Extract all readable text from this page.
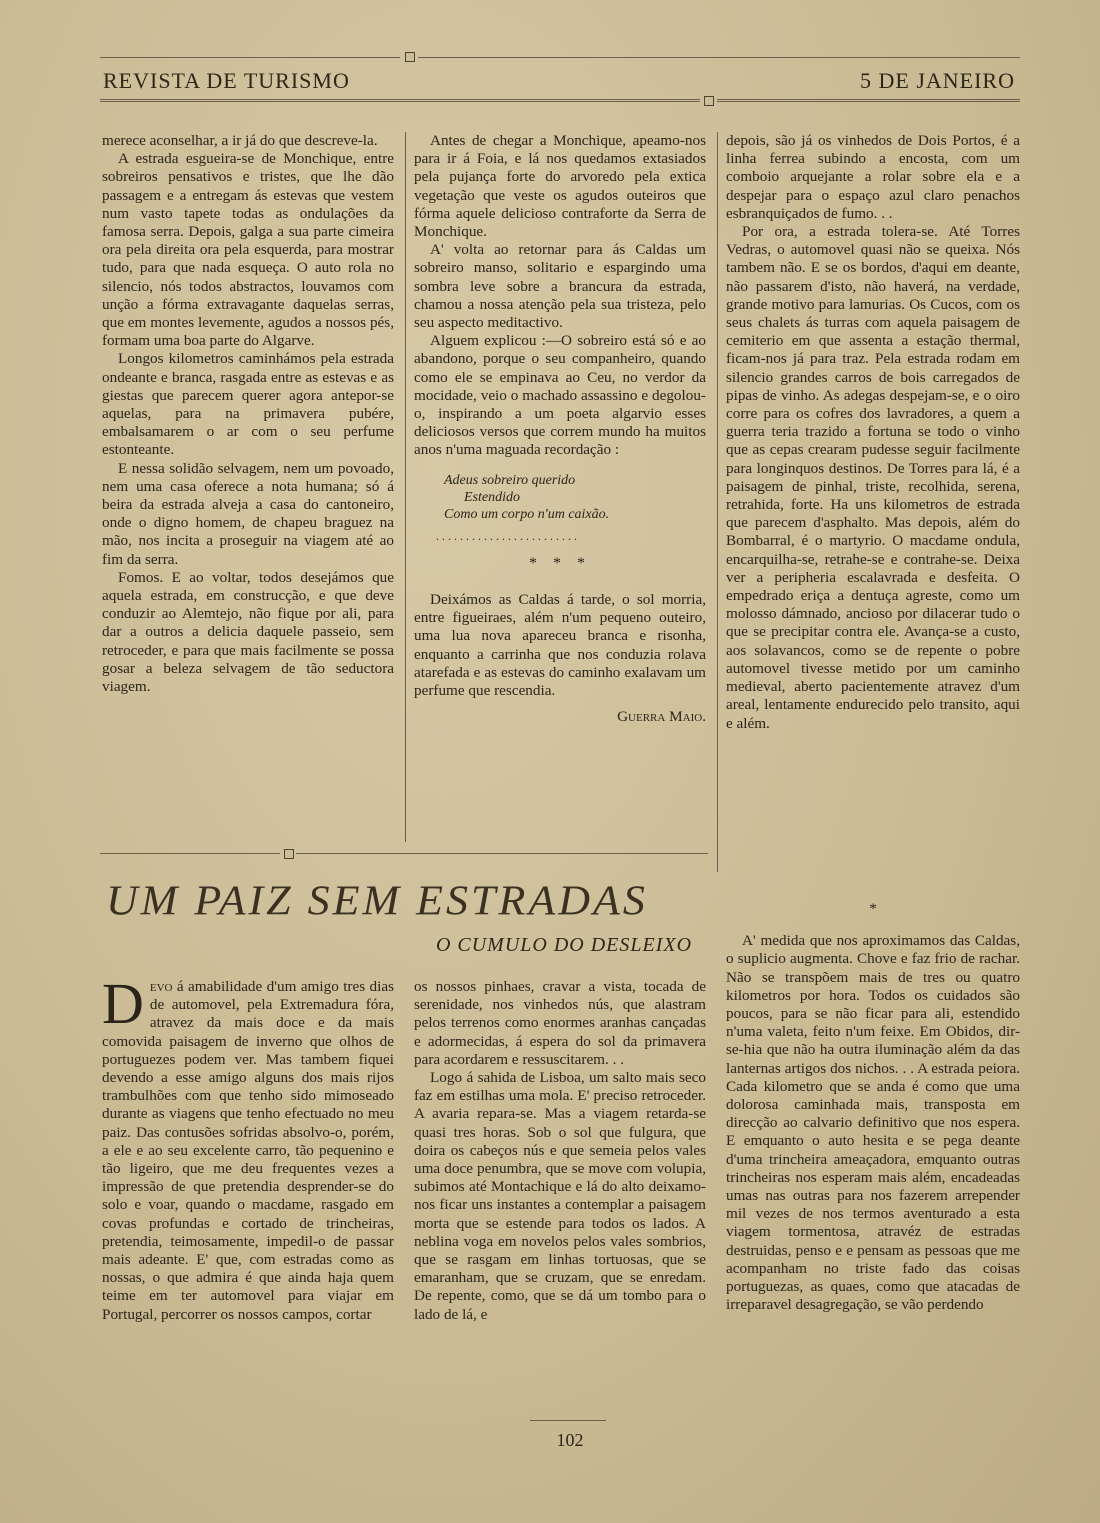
REVISTA DE TURISMO	5 DE JANEIRO

merece aconselhar, a ir já do que descreve-la.

A estrada esgueira-se de Monchique, entre sobreiros pensativos e tristes, que lhe dão passagem e a entregam ás estevas que vestem num vasto tapete todas as ondulações da famosa serra. Depois, galga a sua parte cimeira ora pela direita ora pela esquerda, para mostrar tudo, para que nada esqueça. O auto rola no silencio, nós todos abstractos, louvamos com unção a fórma extravagante daquelas serras, que em montes levemente, agudos a nossos pés, formam uma boa parte do Algarve.

Longos kilometros caminhámos pela estrada ondeante e branca, rasgada entre as estevas e as giestas que parecem querer agora antepor-se aquelas, para na primavera pubére, embalsamarem o ar com o seu perfume estonteante.

E nessa solidão selvagem, nem um povoado, nem uma casa oferece a nota humana; só á beira da estrada alveja a casa do cantoneiro, onde o digno homem, de chapeu braguez na mão, nos incita a proseguir na viagem até ao fim da serra.

Fomos. E ao voltar, todos desejámos que aquela estrada, em construcção, e que deve conduzir ao Alemtejo, não fique por ali, para dar a outros a delicia daquele passeio, sem retroceder, e para que mais facilmente se possa gosar a beleza selvagem de tão seductora viagem.

Antes de chegar a Monchique, apeamo-nos para ir á Foia, e lá nos quedamos extasiados pela pujança forte do arvoredo pela extica vegetação que veste os agudos outeiros que fórma aquele delicioso contraforte da Serra de Monchique.

A' volta ao retornar para ás Caldas um sobreiro manso, solitario e espargindo uma sombra leve sobre a brancura da estrada, chamou a nossa atenção pela sua tristeza, pelo seu aspecto meditactivo.

Alguem explicou :—O sobreiro está só e ao abandono, porque o seu companheiro, quando como ele se empinava ao Ceu, no verdor da mocidade, veio o machado assassino e degolou-o, inspirando a um poeta algarvio esses deliciosos versos que correm mundo ha muitos anos n'uma maguada recordação :

Adeus sobreiro querido
Estendido
Como um corpo n'um caixão.
........................
* * *

Deixámos as Caldas á tarde, o sol morria, entre figueiraes, além n'um pequeno outeiro, uma lua nova apareceu branca e risonha, enquanto a carrinha que nos conduzia rolava atarefada e as estevas do caminho exalavam um perfume que rescendia.

Guerra Maio.

depois, são já os vinhedos de Dois Portos, é a linha ferrea subindo a encosta, com um comboio arquejante a rolar sobre ela e a despejar para o espaço azul claro penachos esbranquiçados de fumo. . .

Por ora, a estrada tolera-se. Até Torres Vedras, o automovel quasi não se queixa. Nós tambem não. E se os bordos, d'aqui em deante, não passarem d'isto, não haverá, na verdade, grande motivo para lamurias. Os Cucos, com os seus chalets ás turras com aquela paisagem de cemiterio em que assenta a estação thermal, ficam-nos já para traz. Pela estrada rodam em silencio grandes carros de bois carregados de pipas de vinho. As adegas despejam-se, e o oiro corre para os cofres dos lavradores, a quem a guerra teria trazido a fortuna se todo o vinho que as cepas crearam pudesse seguir facilmente para longinquos destinos. De Torres para lá, é a paisagem de pinhal, triste, recolhida, serena, retrahida, forte. Ha uns kilometros de estrada que parecem d'asphalto. Mas depois, além do Bombarral, é o martyrio. O macdame ondula, encarquilha-se, retrahe-se e contrahe-se. Deixa ver a peripheria escalavrada e desfeita. O empedrado eriça a dentuça agreste, como um molosso dámnado, ancioso por dilacerar tudo o que se precipitar contra ele. Avança-se a custo, aos solavancos, como se de repente o pobre automovel tivesse metido por um caminho medieval, aberto pacientemente atravez d'um areal, lentamente endurecido pelo transito, aqui e além.

UM PAIZ SEM ESTRADAS
O CUMULO DO DESLEIXO

Devo á amabilidade d'um amigo tres dias de automovel, pela Extremadura fóra, atravez da mais doce e da mais comovida paisagem de inverno que olhos de portuguezes podem ver. Mas tambem fiquei devendo a esse amigo alguns dos mais rijos trambulhões com que tenho sido mimoseado durante as viagens que tenho efectuado no meu paiz. Das contusões sofridas absolvo-o, porém, a ele e ao seu excelente carro, tão pequenino e tão ligeiro, que me deu frequentes vezes a impressão de que pretendia desprender-se do solo e voar, quando o macdame, rasgado em covas profundas e cortado de trincheiras, pretendia, teimosamente, impedil-o de passar mais adeante. E' que, com estradas como as nossas, o que admira é que ainda haja quem teime em ter automovel para viajar em Portugal, percorrer os nossos campos, cortar

os nossos pinhaes, cravar a vista, tocada de serenidade, nos vinhedos nús, que alastram pelos terrenos como enormes aranhas cançadas e adormecidas, á espera do sol da primavera para acordarem e ressuscitarem. . .

Logo á sahida de Lisboa, um salto mais seco faz em estilhas uma mola. E' preciso retroceder. A avaria repara-se. Mas a viagem retarda-se quasi tres horas. Sob o sol que fulgura, que doira os cabeços nús e que semeia pelos vales uma doce penumbra, que se move com volupia, subimos até Montachique e lá do alto deixamo-nos ficar uns instantes a contemplar a paisagem morta que se estende para todos os lados. A neblina voga em novelos pelos vales sombrios, que se rasgam em linhas tortuosas, que se emaranham, que se cruzam, que se enredam. De repente, como, que se dá um tombo para o lado de lá, e

*

A' medida que nos aproximamos das Caldas, o suplicio augmenta. Chove e faz frio de rachar. Não se transpõem mais de tres ou quatro kilometros por hora. Todos os cuidados são poucos, para se não ficar para ali, estendido n'uma valeta, feito n'um feixe. Em Obidos, dir-se-hia que não ha outra iluminação além da das lanternas artigos dos nichos. . . A estrada peiora. Cada kilometro que se anda é como que uma dolorosa caminhada mais, transposta em direcção ao calvario definitivo que nos espera. E emquanto o auto hesita e se pega deante d'uma trincheira ameaçadora, emquanto outras trincheiras nos esperam mais além, encadeadas umas nas outras para nos fazerem arrepender mil vezes de nos termos aventurado a esta viagem tormentosa, atravéz de estradas destruidas, penso e e pensam as pessoas que me acompanham no triste fado das coisas portuguezas, as quaes, como que atacadas de irreparavel desagregação, se vão perdendo

102
